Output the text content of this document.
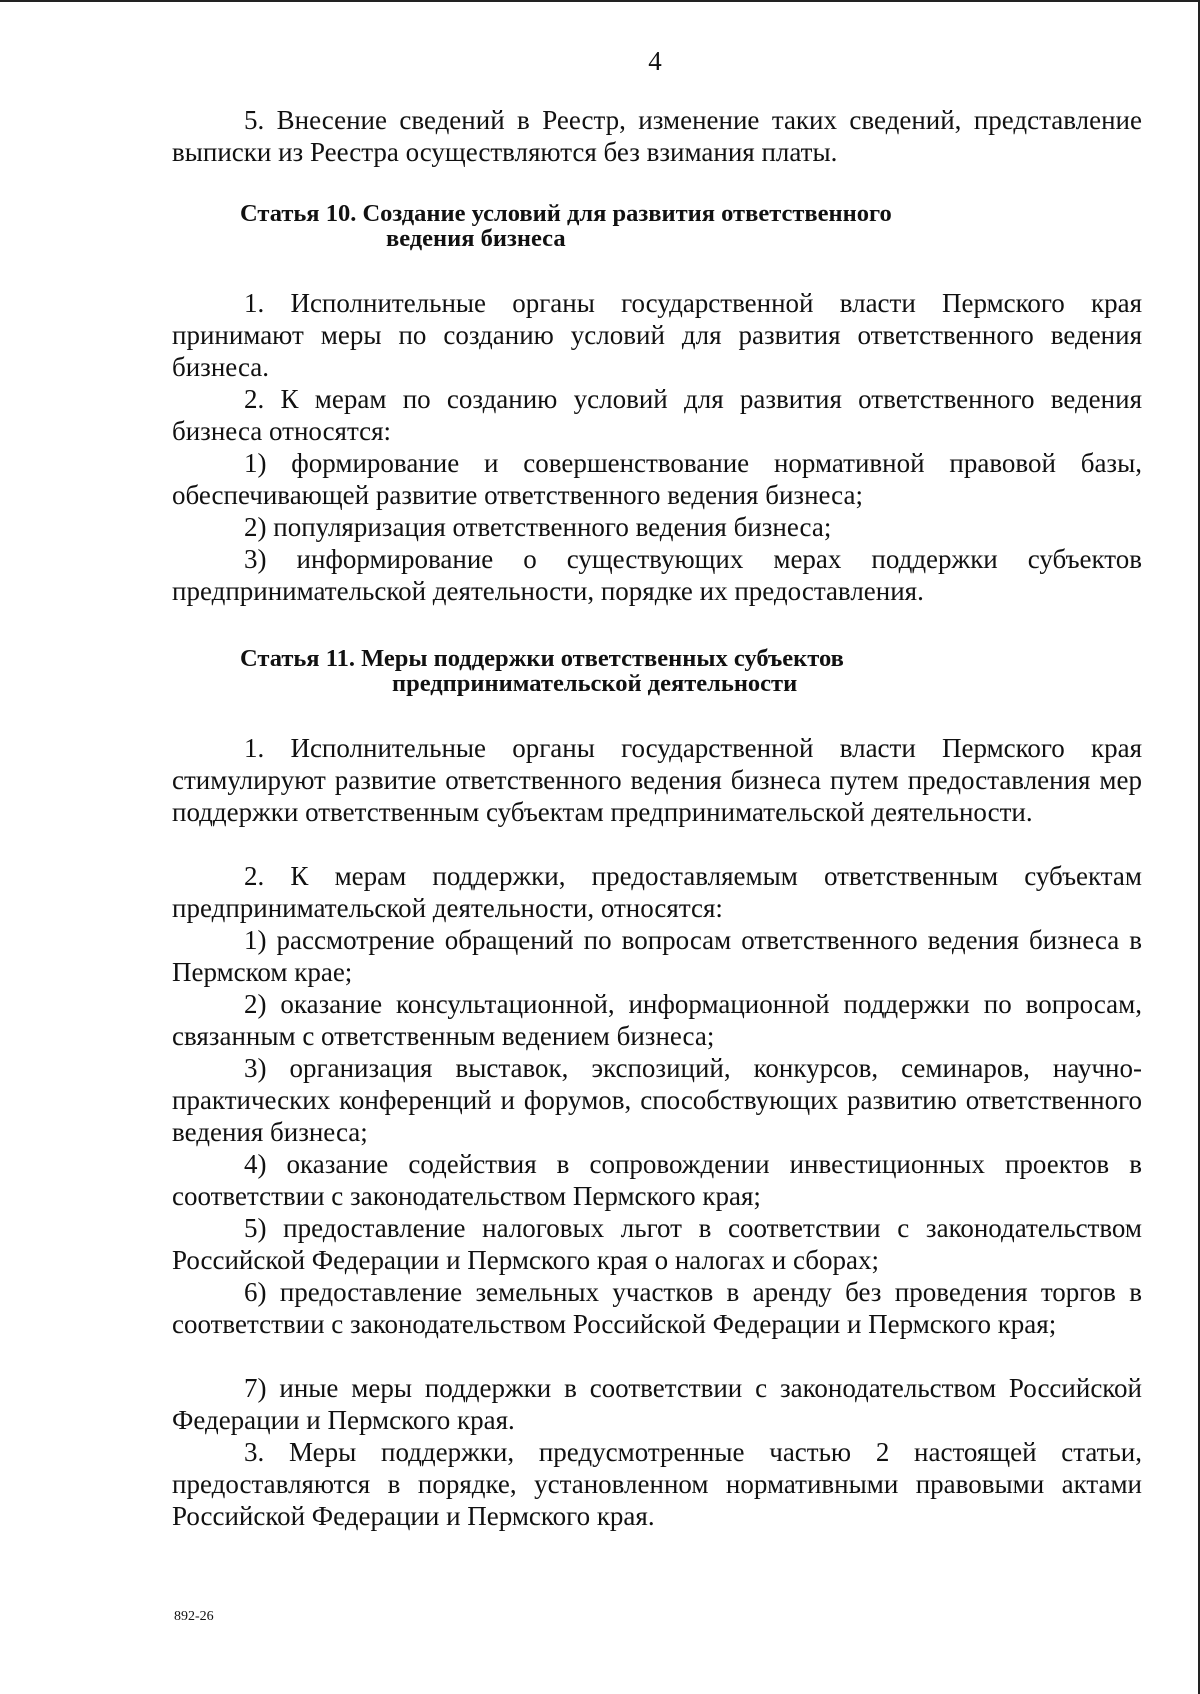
4

5. Внесение сведений в Реестр, изменение таких сведений, представление выписки из Реестра осуществляются без взимания платы.

Статья 10. Создание условий для развития ответственного
ведения бизнеса

1. Исполнительные органы государственной власти Пермского края принимают меры по созданию условий для развития ответственного ведения бизнеса.

2. К мерам по созданию условий для развития ответственного ведения бизнеса относятся:

1) формирование и совершенствование нормативной правовой базы, обеспечивающей развитие ответственного ведения бизнеса;

2) популяризация ответственного ведения бизнеса;

3) информирование о существующих мерах поддержки субъектов предпринимательской деятельности, порядке их предоставления.

Статья 11. Меры поддержки ответственных субъектов
предпринимательской деятельности

1. Исполнительные органы государственной власти Пермского края стимулируют развитие ответственного ведения бизнеса путем предоставления мер поддержки ответственным субъектам предпринимательской деятельности.

2. К мерам поддержки, предоставляемым ответственным субъектам предпринимательской деятельности, относятся:

1) рассмотрение обращений по вопросам ответственного ведения бизнеса в Пермском крае;

2) оказание консультационной, информационной поддержки по вопросам, связанным с ответственным ведением бизнеса;

3) организация выставок, экспозиций, конкурсов, семинаров, научно-практических конференций и форумов, способствующих развитию ответственного ведения бизнеса;

4) оказание содействия в сопровождении инвестиционных проектов в соответствии с законодательством Пермского края;

5) предоставление налоговых льгот в соответствии с законодательством Российской Федерации и Пермского края о налогах и сборах;

6) предоставление земельных участков в аренду без проведения торгов в соответствии с законодательством Российской Федерации и Пермского края;

7) иные меры поддержки в соответствии с законодательством Российской Федерации и Пермского края.

3. Меры поддержки, предусмотренные частью 2 настоящей статьи, предоставляются в порядке, установленном нормативными правовыми актами Российской Федерации и Пермского края.

892-26
